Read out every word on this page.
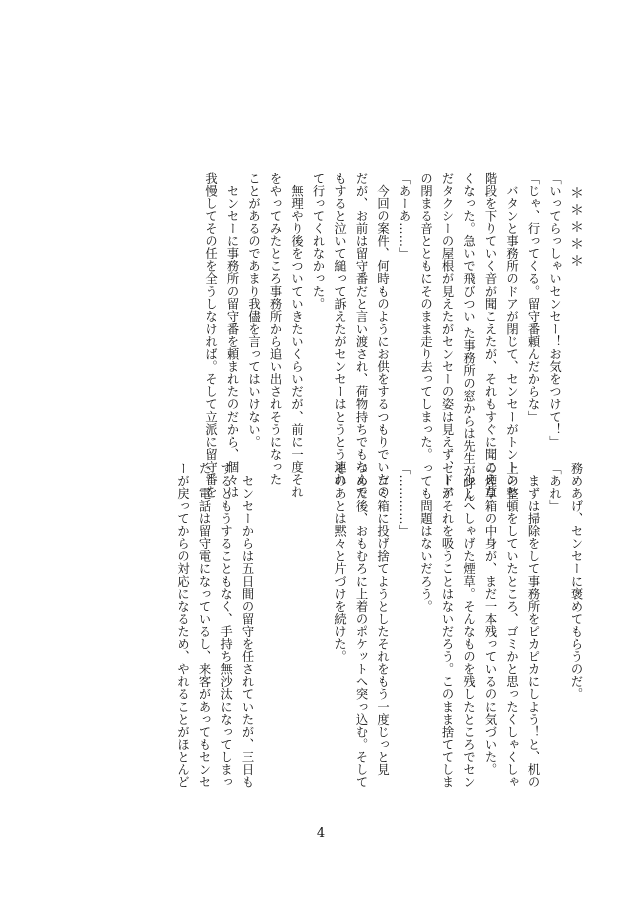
＊＊＊＊＊
「いってらっしゃいセンセー！お気をつけて！」
「じゃ、行ってくる。留守番頼んだからな」
　バタンと事務所のドアが閉じて、センセーがトントンと
階段を下りていく音が聞こえたが、それもすぐに聞こえな
くなった。急いで飛びつい た事務所の窓からは先生が呼ん
だタクシーの屋根が見えたがセンセーの姿は見えず、ドア
の閉まる音とともにそのまま走り去ってしまった。
「あーあ……」
　今回の案件、何時ものようにお供をするつもりでいたの
だが、お前は留守番だと言い渡され、荷物持ちでもなんで
もすると泣いて縋って訴えたがセンセーはとうとう連れ
て行ってくれなかった。
　無理やり後をついていきたいくらいだが、前に一度それ
をやってみたところ事務所から追い出されそうになった
ことがあるのであまり我儘を言ってはいけない。
　センセーに事務所の留守番を頼まれたのだから、個々は
我慢してその任を全うしなければ。そして立派に留守番を
務めあげ、センセーに褒めてもらうのだ。
「あれ」
　まずは掃除をして事務所をピカピカにしよう！と、机の
上の整頓をしていたところ、ゴミかと思ったくしゃくしゃ
の煙草箱の中身が、まだ一本残っているのに気づいた。
　少しへしゃげた煙草。そんなものを残したところでセン
セーがそれを吸うことはないだろう。このまま捨ててしま
っても問題はないだろう。
「…………」
　ゴミ箱に投げ捨てようとしたそれをもう一度じっと見
つめた後、おもむろに上着のポケットへ突っ込む。そして
そのあとは黙々と片づけを続けた。
　センセーからは五日間の留守を任されていたが、三日も
するともうすることもなく、手持ち無沙汰になってしまっ
た。電話は留守電になっているし、来客があってもセンセ
ーが戻ってからの対応になるため、やれることがほとんど
4
